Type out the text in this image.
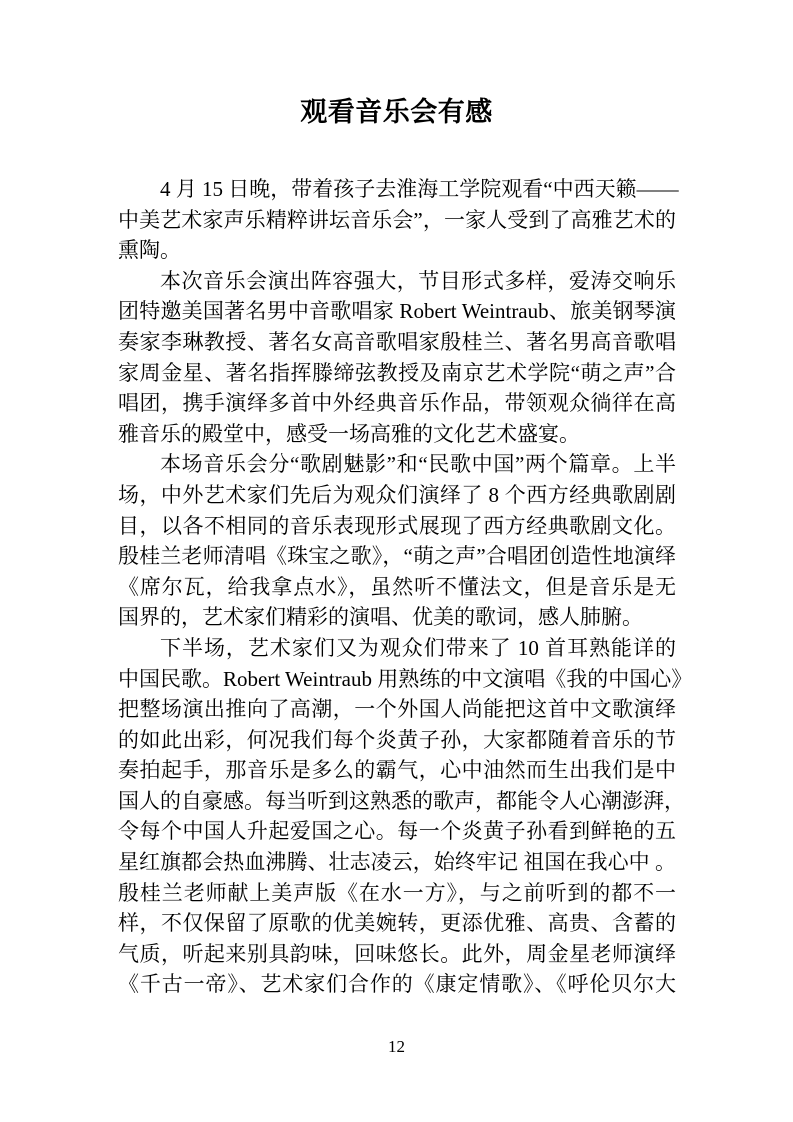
观看音乐会有感
4 月 15 日晚，带着孩子去淮海工学院观看“中西天籁——
中美艺术家声乐精粹讲坛音乐会”，一家人受到了高雅艺术的
熏陶。
本次音乐会演出阵容强大，节目形式多样，爱涛交响乐
团特邀美国著名男中音歌唱家 Robert Weintraub、旅美钢琴演
奏家李琳教授、著名女高音歌唱家殷桂兰、著名男高音歌唱
家周金星、著名指挥滕缔弦教授及南京艺术学院“萌之声”合
唱团，携手演绎多首中外经典音乐作品，带领观众徜徉在高
雅音乐的殿堂中，感受一场高雅的文化艺术盛宴。
本场音乐会分“歌剧魅影”和“民歌中国”两个篇章。上半
场，中外艺术家们先后为观众们演绎了 8 个西方经典歌剧剧
目，以各不相同的音乐表现形式展现了西方经典歌剧文化。
殷桂兰老师清唱《珠宝之歌》，“萌之声”合唱团创造性地演绎
《席尔瓦，给我拿点水》，虽然听不懂法文，但是音乐是无
国界的，艺术家们精彩的演唱、优美的歌词，感人肺腑。
下半场，艺术家们又为观众们带来了 10 首耳熟能详的
中国民歌。Robert Weintraub 用熟练的中文演唱《我的中国心》
把整场演出推向了高潮，一个外国人尚能把这首中文歌演绎
的如此出彩，何况我们每个炎黄子孙，大家都随着音乐的节
奏拍起手，那音乐是多么的霸气，心中油然而生出我们是中
国人的自豪感。每当听到这熟悉的歌声，都能令人心潮澎湃，
令每个中国人升起爱国之心。每一个炎黄子孙看到鲜艳的五
星红旗都会热血沸腾、壮志凌云，始终牢记 祖国在我心中 。
殷桂兰老师献上美声版《在水一方》，与之前听到的都不一
样，不仅保留了原歌的优美婉转，更添优雅、高贵、含蓄的
气质，听起来别具韵味，回味悠长。此外，周金星老师演绎
《千古一帝》、艺术家们合作的《康定情歌》、《呼伦贝尔大
12
